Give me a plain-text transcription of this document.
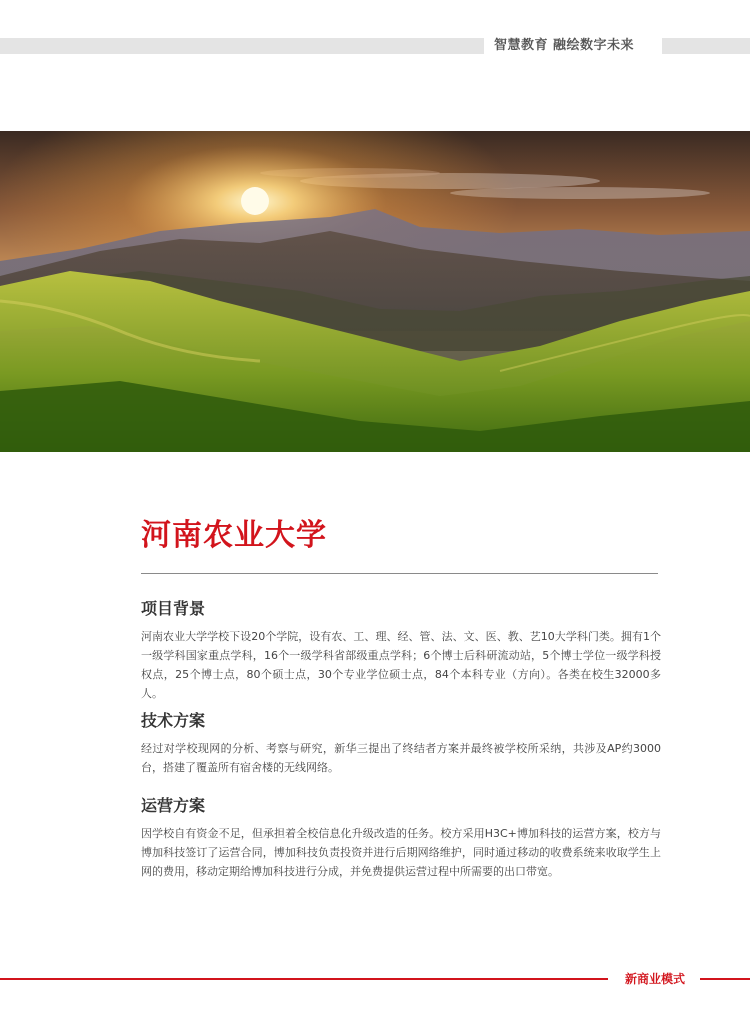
智慧教育 融绘数字未来
河南农业大学
项目背景

河南农业大学学校下设20个学院，设有农、工、理、经、管、法、文、医、教、艺10大学科门类。拥有1个一级学科国家重点学科，16个一级学科省部级重点学科；6个博士后科研流动站，5个博士学位一级学科授权点，25个博士点，80个硕士点，30个专业学位硕士点，84个本科专业（方向）。各类在校生32000多人。

技术方案

经过对学校现网的分析、考察与研究，新华三提出了终结者方案并最终被学校所采纳，共涉及AP约3000台，搭建了覆盖所有宿舍楼的无线网络。

运营方案

因学校自有资金不足，但承担着全校信息化升级改造的任务。校方采用H3C+博加科技的运营方案，校方与博加科技签订了运营合同，博加科技负责投资并进行后期网络维护，同时通过移动的收费系统来收取学生上网的费用，移动定期给博加科技进行分成，并免费提供运营过程中所需要的出口带宽。

新商业模式
